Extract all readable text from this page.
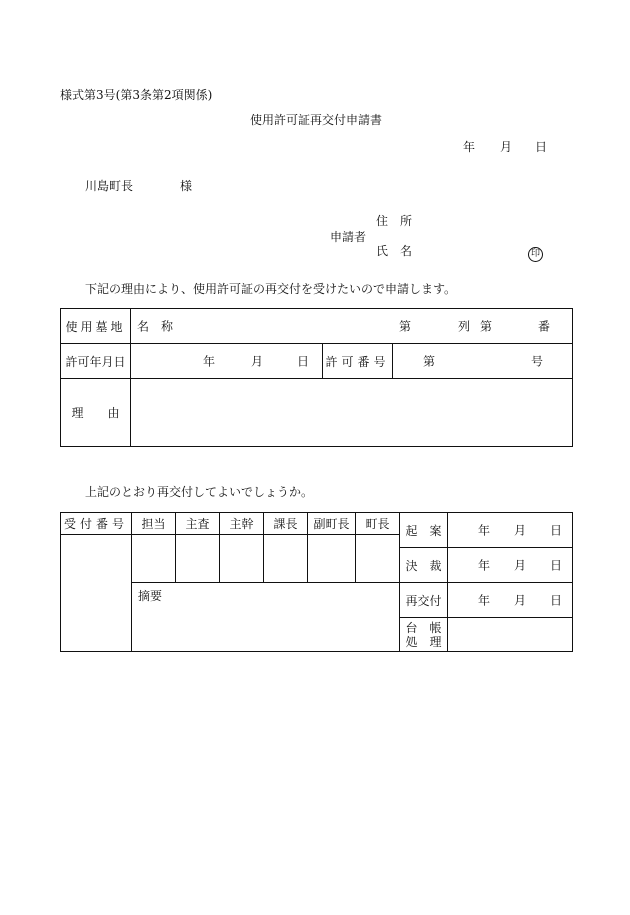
様式第3号(第3条第2項関係)
使用許可証再交付申請書
年 月 日
川島町長	様
住　所
申請者
氏　名	印
下記の理由により、使用許可証の再交付を受けたいので申請します。
使用墓地	名　称 第 列 第 番		

許可年月日	年 月 日	許可番号	第 号

理　　由			
上記のとおり再交付してよいでしょうか。
受付番号	担当	主査	主幹	課長	副町長	町長	起　案	年 月 日

							決　裁	年 月 日

	摘要						再交付	年 月 日

							台　帳
処　理	
